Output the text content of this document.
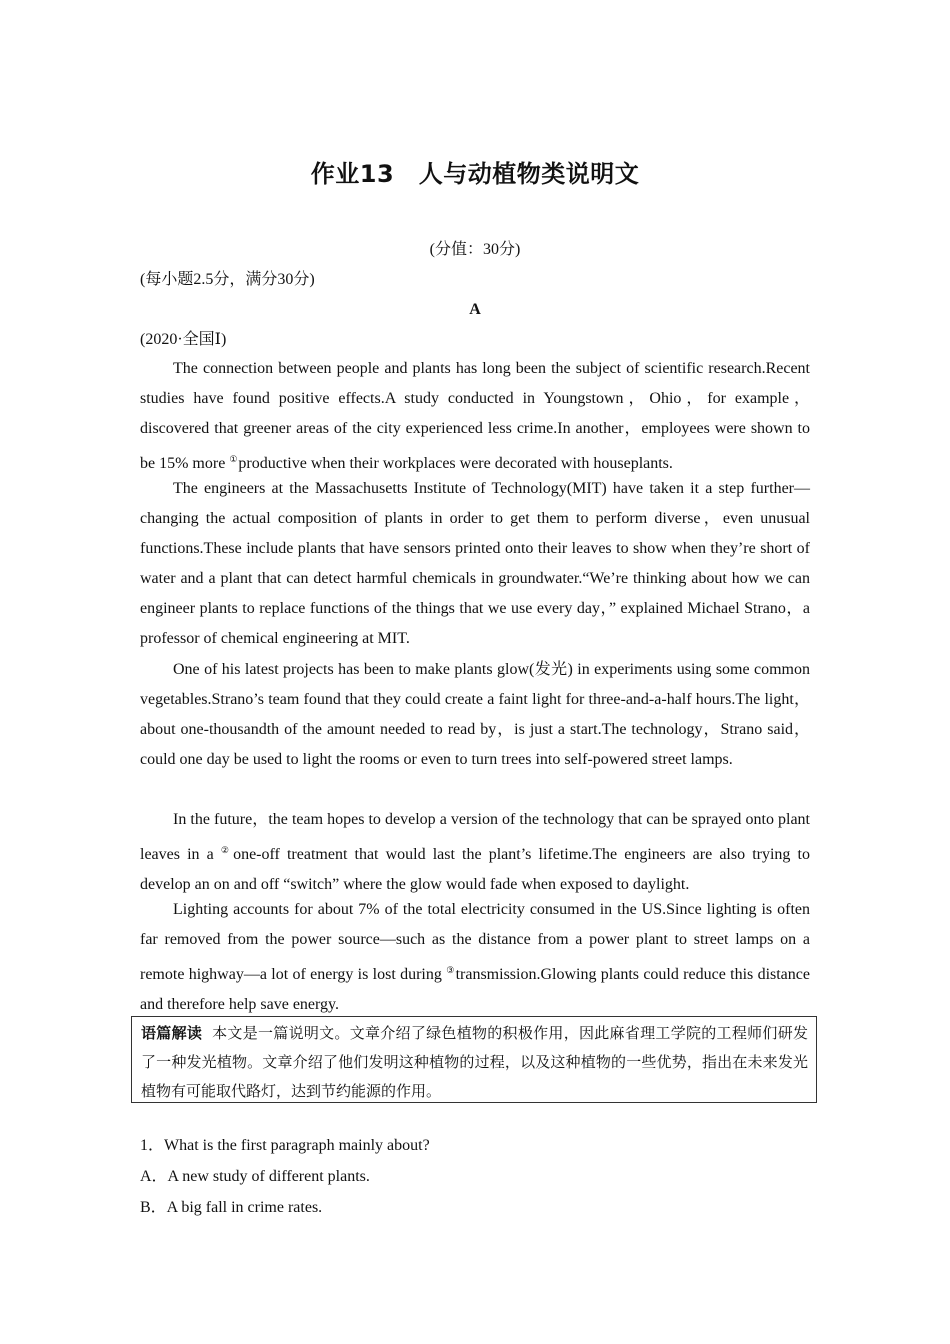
作业13　人与动植物类说明文
(分值：30分)
(每小题2.5分，满分30分)
A
(2020·全国Ⅰ)
The connection between people and plants has long been the subject of scientific research.Recent studies have found positive effects.A study conducted in Youngstown，Ohio，for example，discovered that greener areas of the city experienced less crime.In another，employees were shown to be 15% more ①productive when their workplaces were decorated with houseplants.
The engineers at the Massachusetts Institute of Technology(MIT) have taken it a step further—changing the actual composition of plants in order to get them to perform diverse，even unusual functions.These include plants that have sensors printed onto their leaves to show when they’re short of water and a plant that can detect harmful chemicals in groundwater.“We’re thinking about how we can engineer plants to replace functions of the things that we use every day，” explained Michael Strano，a professor of chemical engineering at MIT.
One of his latest projects has been to make plants glow(发光) in experiments using some common vegetables.Strano’s team found that they could create a faint light for three-and-a-half hours.The light，about one-thousandth of the amount needed to read by，is just a start.The technology，Strano said，could one day be used to light the rooms or even to turn trees into self-powered street lamps.
In the future，the team hopes to develop a version of the technology that can be sprayed onto plant leaves in a ②one-off treatment that would last the plant’s lifetime.The engineers are also trying to develop an on and off “switch” where the glow would fade when exposed to daylight.
Lighting accounts for about 7% of the total electricity consumed in the US.Since lighting is often far removed from the power source—such as the distance from a power plant to street lamps on a remote highway—a lot of energy is lost during ③transmission.Glowing plants could reduce this distance and therefore help save energy.
语篇解读 本文是一篇说明文。文章介绍了绿色植物的积极作用，因此麻省理工学院的工程师们研发了一种发光植物。文章介绍了他们发明这种植物的过程，以及这种植物的一些优势，指出在未来发光植物有可能取代路灯，达到节约能源的作用。
1．What is the first paragraph mainly about?
A．A new study of different plants.
B．A big fall in crime rates.
